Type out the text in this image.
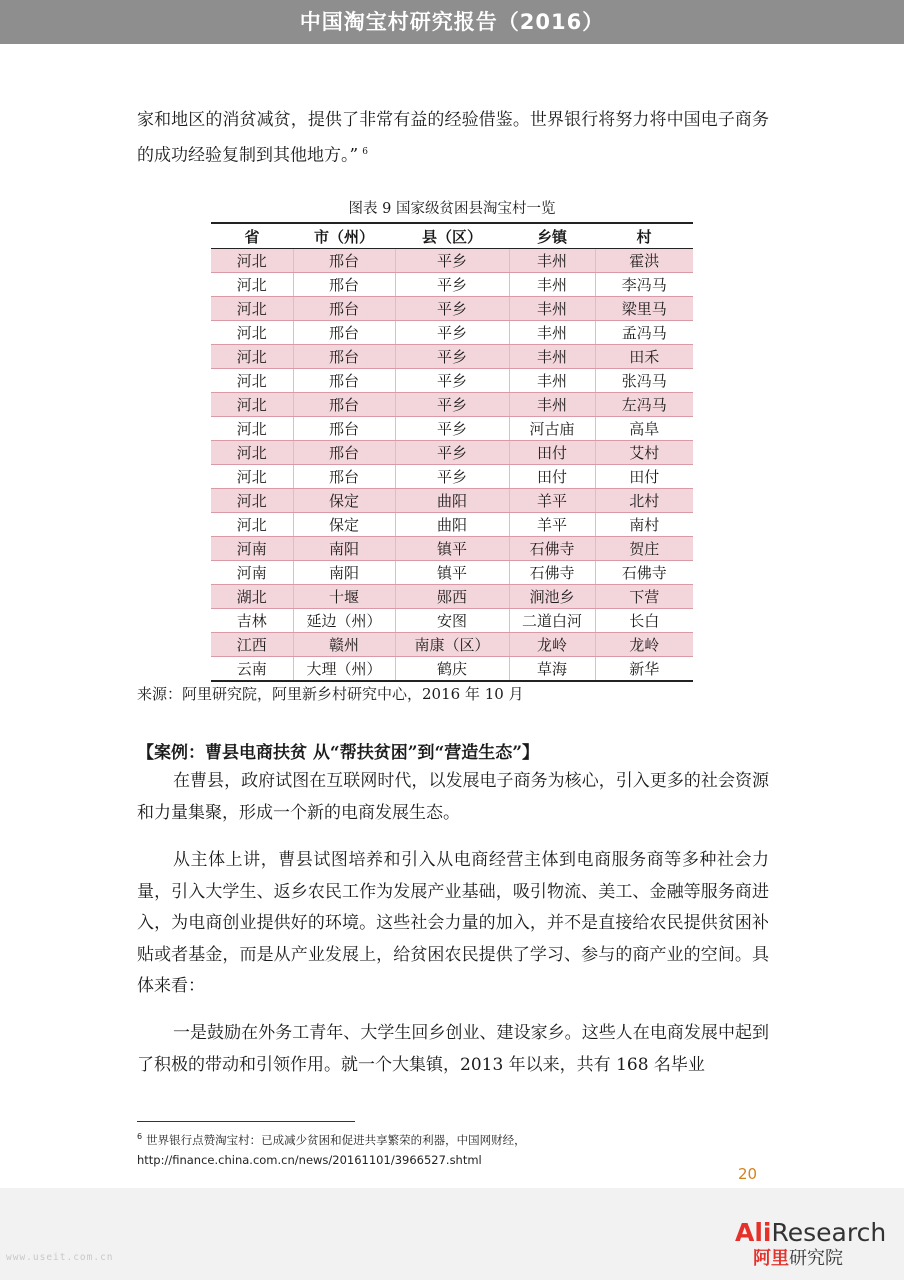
中国淘宝村研究报告（2016）

家和地区的消贫减贫，提供了非常有益的经验借鉴。世界银行将努力将中国电子商务的成功经验复制到其他地方。” $^6$

图表 9 国家级贫困县淘宝村一览
省	市（州）	县（区）	乡镇	村
河北	邢台	平乡	丰州	霍洪
河北	邢台	平乡	丰州	李冯马
河北	邢台	平乡	丰州	梁里马
河北	邢台	平乡	丰州	孟冯马
河北	邢台	平乡	丰州	田禾
河北	邢台	平乡	丰州	张冯马
河北	邢台	平乡	丰州	左冯马
河北	邢台	平乡	河古庙	高阜
河北	邢台	平乡	田付	艾村
河北	邢台	平乡	田付	田付
河北	保定	曲阳	羊平	北村
河北	保定	曲阳	羊平	南村
河南	南阳	镇平	石佛寺	贺庄
河南	南阳	镇平	石佛寺	石佛寺
湖北	十堰	郧西	涧池乡	下营
吉林	延边（州）	安图	二道白河	长白
江西	赣州	南康（区）	龙岭	龙岭
云南	大理（州）	鹤庆	草海	新华
来源：阿里研究院，阿里新乡村研究中心，2016 年 10 月
【案例：曹县电商扶贫 从“帮扶贫困”到“营造生态”】

在曹县，政府试图在互联网时代，以发展电子商务为核心，引入更多的社会资源和力量集聚，形成一个新的电商发展生态。

从主体上讲，曹县试图培养和引入从电商经营主体到电商服务商等多种社会力量，引入大学生、返乡农民工作为发展产业基础，吸引物流、美工、金融等服务商进入，为电商创业提供好的环境。这些社会力量的加入，并不是直接给农民提供贫困补贴或者基金，而是从产业发展上，给贫困农民提供了学习、参与的商产业的空间。具体来看：

一是鼓励在外务工青年、大学生回乡创业、建设家乡。这些人在电商发展中起到了积极的带动和引领作用。就一个大集镇，2013 年以来，共有 168 名毕业

$^6$ 世界银行点赞淘宝村：已成减少贫困和促进共享繁荣的利器，中国网财经，
http://finance.china.com.cn/news/20161101/3966527.shtml
20
www.useit.com.cn
AliResearch
阿里研究院
